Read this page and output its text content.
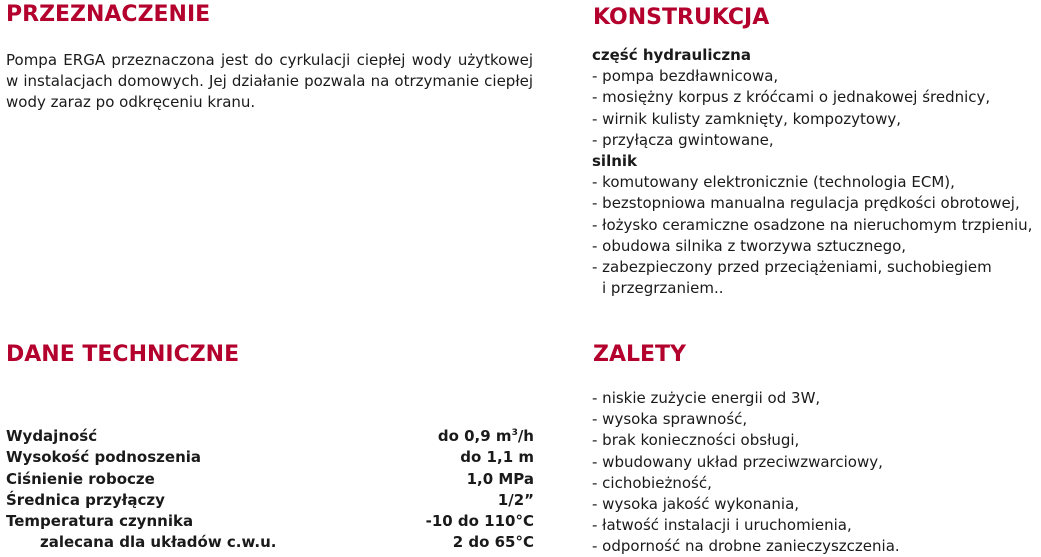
PRZEZNACZENIE

Pompa ERGA przeznaczona jest do cyrkulacji ciepłej wody użytkowej w instalacjach domowych. Jej działanie pozwala na otrzymanie ciepłej wody zaraz po odkręceniu kranu.

KONSTRUKCJA
część hydrauliczna
- pompa bezdławnicowa,
- mosiężny korpus z króćcami o jednakowej średnicy,
- wirnik kulisty zamknięty, kompozytowy,
- przyłącza gwintowane,
silnik
- komutowany elektronicznie (technologia ECM),
- bezstopniowa manualna regulacja prędkości obrotowej,
- łożysko ceramiczne osadzone na nieruchomym trzpieniu,
- obudowa silnika z tworzywa sztucznego,
- zabezpieczony przed przeciążeniami, suchobiegiem
i przegrzaniem..
DANE TECHNICZNE
Wydajność	do 0,9 $m^3/h$
Wysokość podnoszenia	do 1,1 m
Ciśnienie robocze	1,0 MPa
Średnica przyłączy	1/2”
Temperatura czynnika	-10 do 110°C
zalecana dla układów c.w.u.	2 do 65°C
ZALETY
- niskie zużycie energii od 3W,
- wysoka sprawność,
- brak konieczności obsługi,
- wbudowany układ przeciwzwarciowy,
- cichobieżność,
- wysoka jakość wykonania,
- łatwość instalacji i uruchomienia,
- odporność na drobne zanieczyszczenia.
